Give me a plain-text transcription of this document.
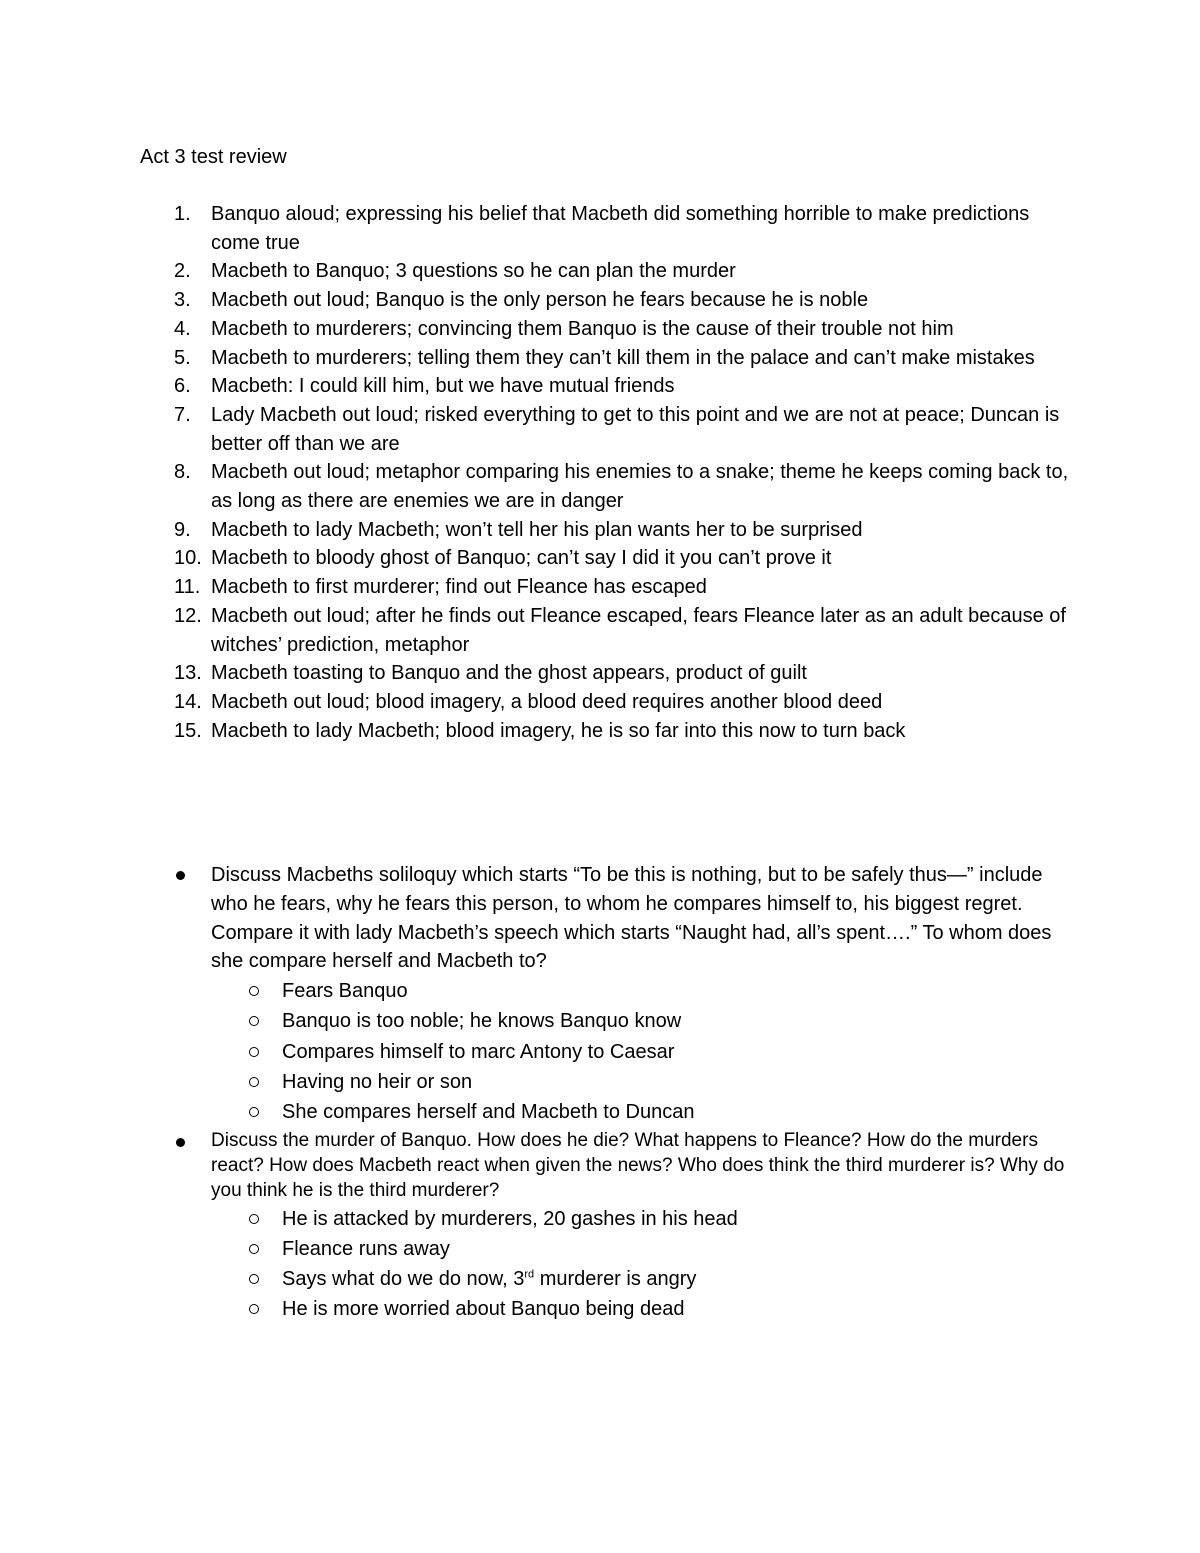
Act 3 test review
1. Banquo aloud; expressing his belief that Macbeth did something horrible to make predictions come true
2. Macbeth to Banquo; 3 questions so he can plan the murder
3. Macbeth out loud; Banquo is the only person he fears because he is noble
4. Macbeth to murderers; convincing them Banquo is the cause of their trouble not him
5. Macbeth to murderers; telling them they can’t kill them in the palace and can’t make mistakes
6. Macbeth: I could kill him, but we have mutual friends
7. Lady Macbeth out loud; risked everything to get to this point and we are not at peace; Duncan is better off than we are
8. Macbeth out loud; metaphor comparing his enemies to a snake; theme he keeps coming back to, as long as there are enemies we are in danger
9. Macbeth to lady Macbeth; won’t tell her his plan wants her to be surprised
10. Macbeth to bloody ghost of Banquo; can’t say I did it you can’t prove it
11. Macbeth to first murderer; find out Fleance has escaped
12. Macbeth out loud; after he finds out Fleance escaped, fears Fleance later as an adult because of witches’ prediction, metaphor
13. Macbeth toasting to Banquo and the ghost appears, product of guilt
14. Macbeth out loud; blood imagery, a blood deed requires another blood deed
15. Macbeth to lady Macbeth; blood imagery, he is so far into this now to turn back
Discuss Macbeths soliloquy which starts “To be this is nothing, but to be safely thus—” include who he fears, why he fears this person, to whom he compares himself to, his biggest regret. Compare it with lady Macbeth’s speech which starts “Naught had, all’s spent….” To whom does she compare herself and Macbeth to?
Fears Banquo
Banquo is too noble; he knows Banquo know
Compares himself to marc Antony to Caesar
Having no heir or son
She compares herself and Macbeth to Duncan
Discuss the murder of Banquo. How does he die? What happens to Fleance? How do the murders react? How does Macbeth react when given the news? Who does think the third murderer is? Why do you think he is the third murderer?
He is attacked by murderers, 20 gashes in his head
Fleance runs away
Says what do we do now, 3rd murderer is angry
He is more worried about Banquo being dead
